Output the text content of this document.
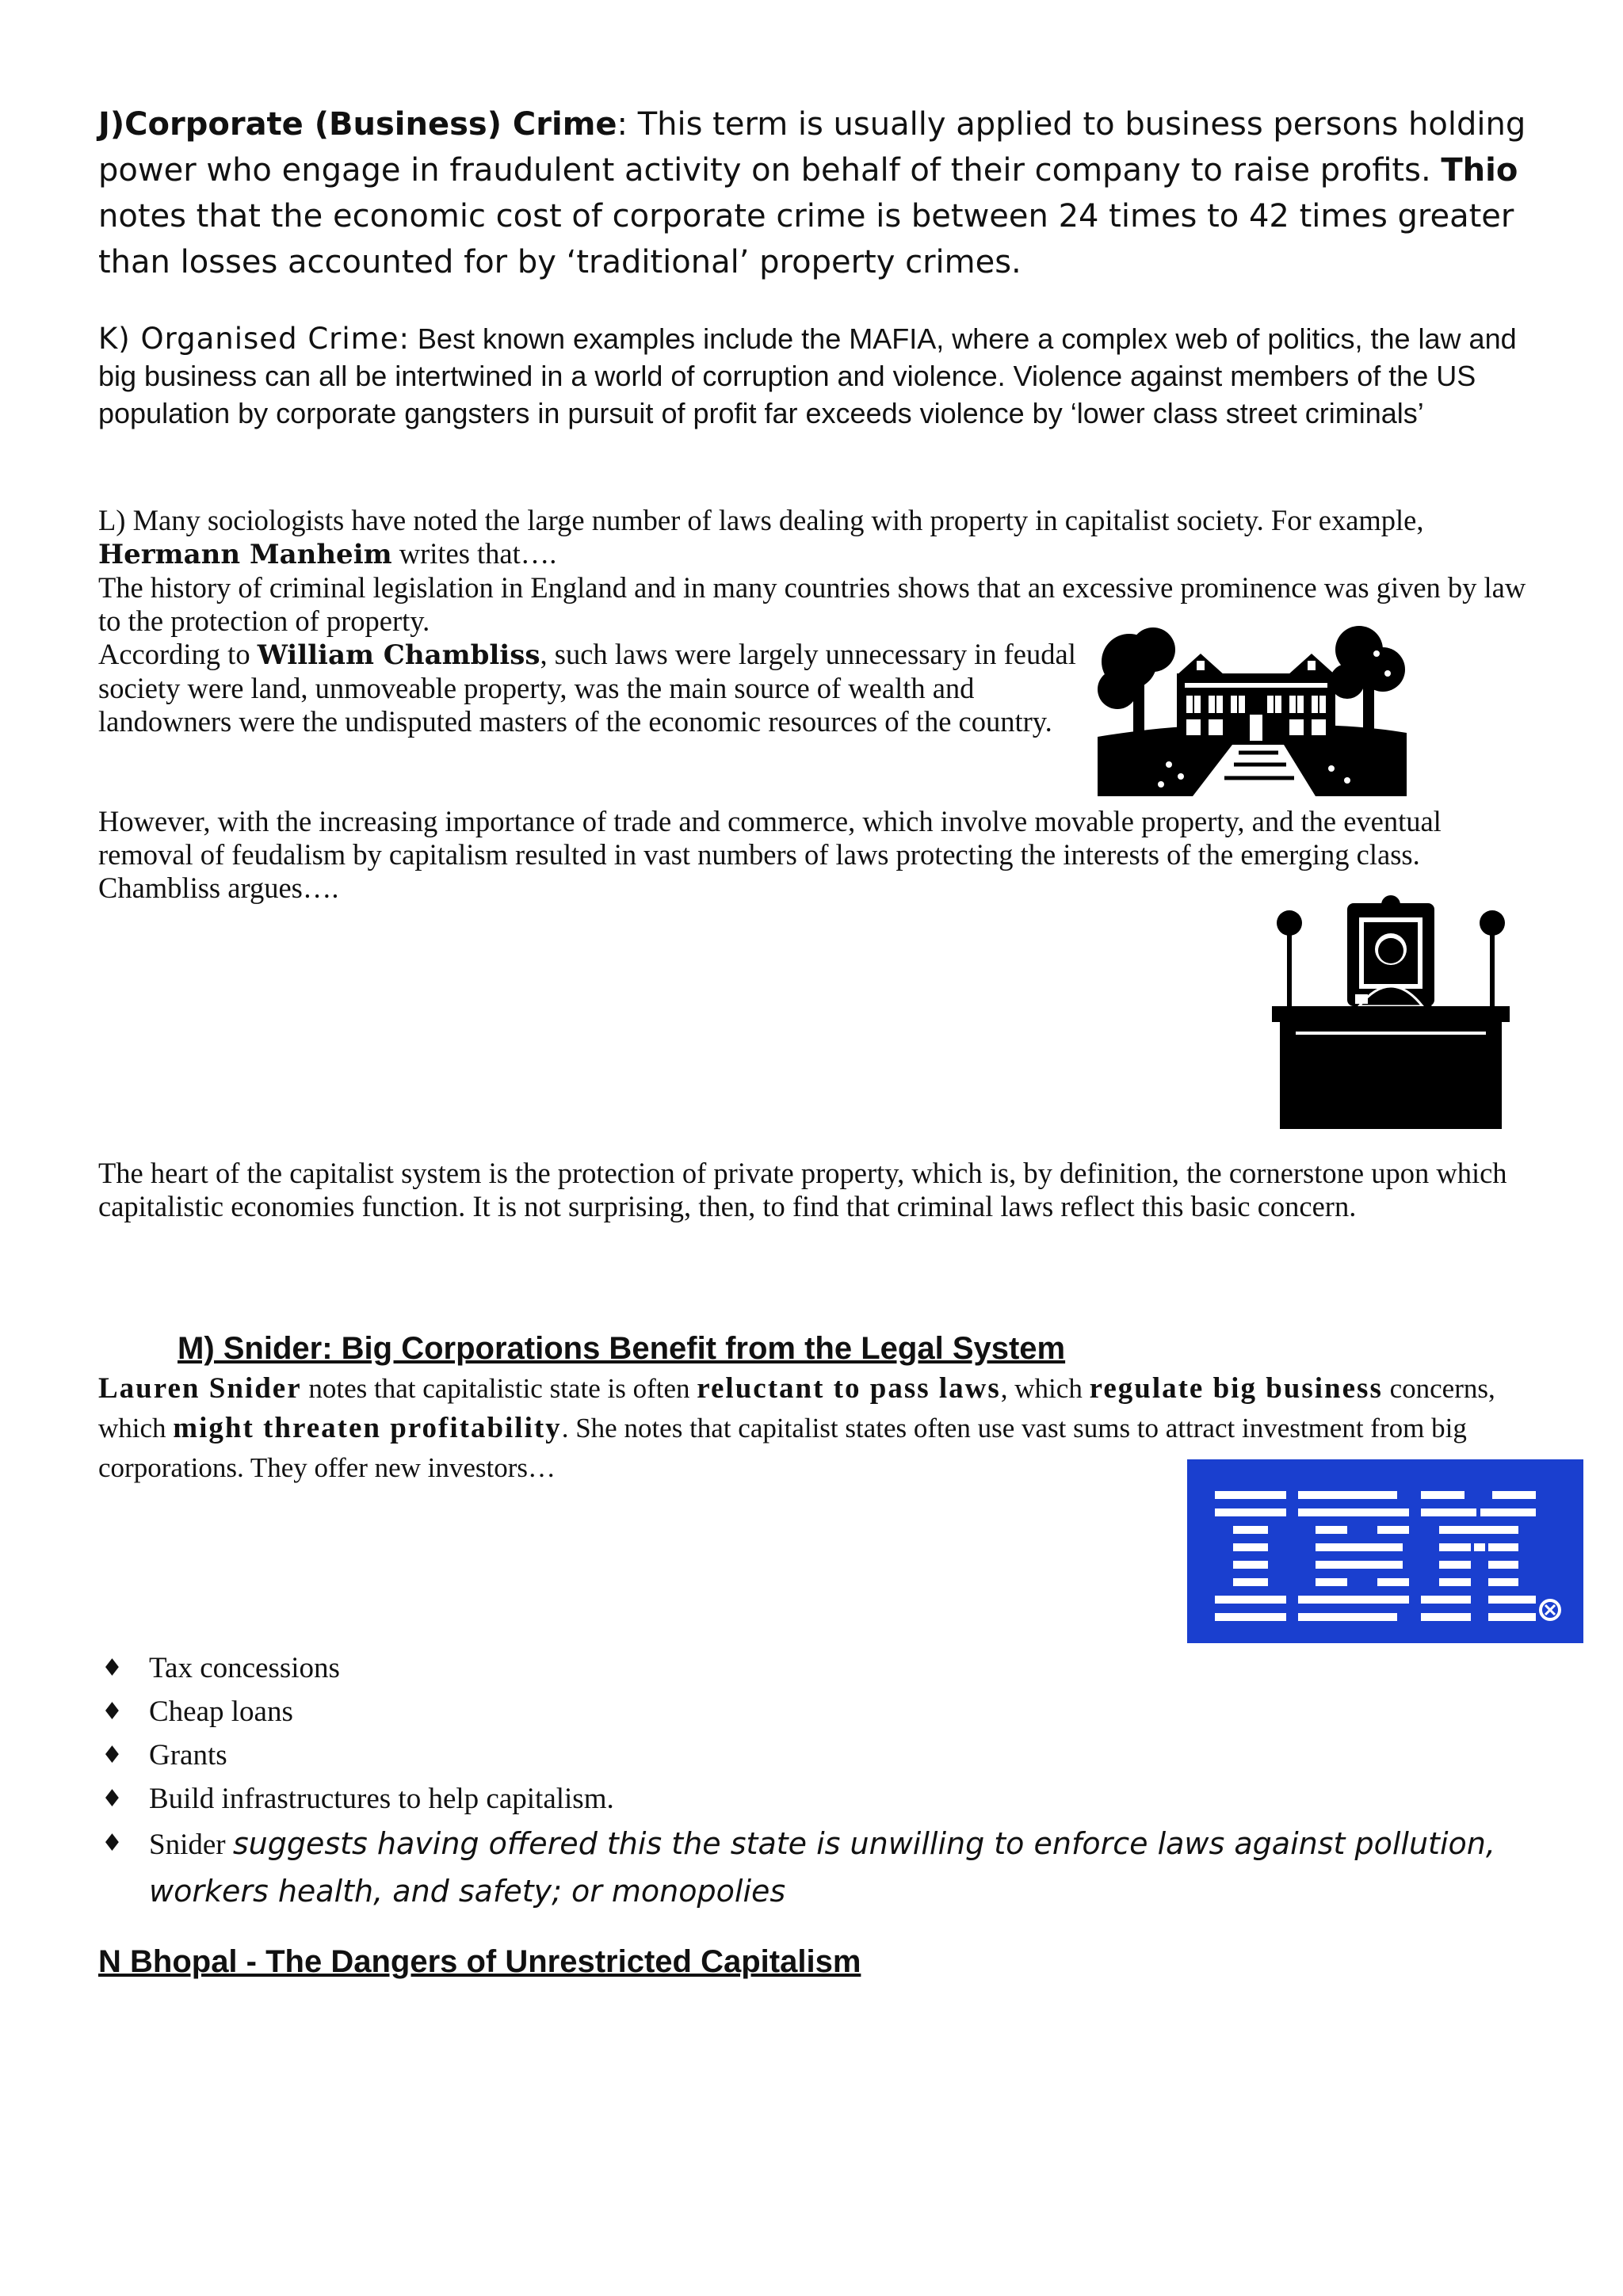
J)Corporate (Business) Crime: This term is usually applied to business persons holding power who engage in fraudulent activity on behalf of their company to raise profits. Thio notes that the economic cost of corporate crime is between 24 times to 42 times greater than losses accounted for by ‘traditional’ property crimes.
K) Organised Crime: Best known examples include the MAFIA, where a complex web of politics, the law and big business can all be intertwined in a world of corruption and violence. Violence against members of the US population by corporate gangsters in pursuit of profit far exceeds violence by ‘lower class street criminals’
L) Many sociologists have noted the large number of laws dealing with property in capitalist society. For example, Hermann Manheim writes that….
The history of criminal legislation in England and in many countries shows that an excessive prominence was given by law to the protection of property.
According to William Chambliss, such laws were largely unnecessary in feudal society were land, unmoveable property, was the main source of wealth and landowners were the undisputed masters of the economic resources of the country.
However, with the increasing importance of trade and commerce, which involve movable property, and the eventual removal of feudalism by capitalism resulted in vast numbers of laws protecting the interests of the emerging class. Chambliss argues….
The heart of the capitalist system is the protection of private property, which is, by definition, the cornerstone upon which capitalistic economies function. It is not surprising, then, to find that criminal laws reflect this basic concern.
M) Snider: Big Corporations Benefit from the Legal System
Lauren Snider notes that capitalistic state is often reluctant to pass laws, which regulate big business concerns, which might threaten profitability. She notes that capitalist states often use vast sums to attract investment from big corporations. They offer new investors…
♦ Tax concessions
♦ Cheap loans
♦ Grants
♦ Build infrastructures to help capitalism.
♦ Snider suggests having offered this the state is unwilling to enforce laws against pollution, workers health, and safety; or monopolies
N Bhopal - The Dangers of Unrestricted Capitalism
